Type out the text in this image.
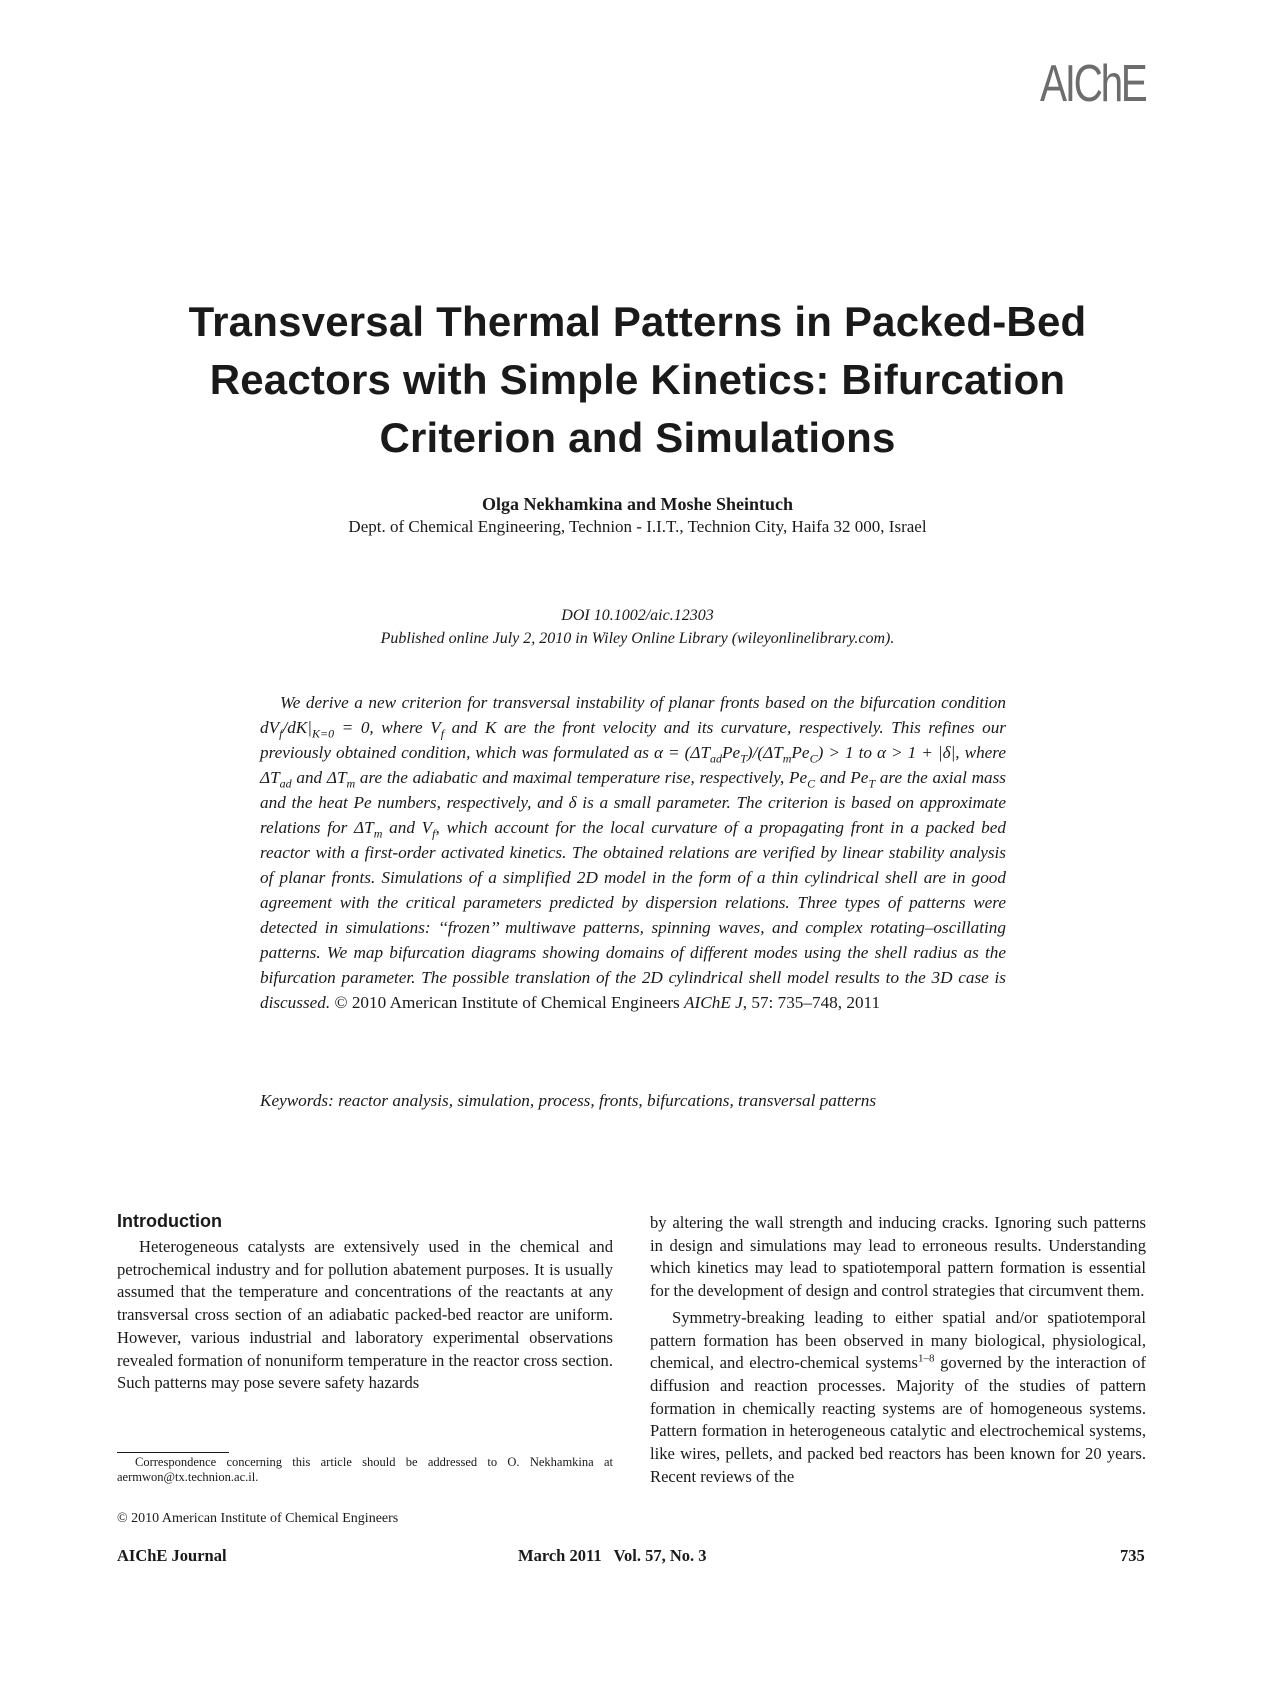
AIChE
Transversal Thermal Patterns in Packed-Bed
Reactors with Simple Kinetics: Bifurcation
Criterion and Simulations
Olga Nekhamkina and Moshe Sheintuch
Dept. of Chemical Engineering, Technion - I.I.T., Technion City, Haifa 32 000, Israel
DOI 10.1002/aic.12303
Published online July 2, 2010 in Wiley Online Library (wileyonlinelibrary.com).

We derive a new criterion for transversal instability of planar fronts based on the bifurcation condition $dV_f/dK|_{K=0} = 0$, where $V_f$ and K are the front velocity and its curvature, respectively. This refines our previously obtained condition, which was formulated as $\alpha = (\Delta T_{ad}Pe_T)/(\Delta T_mPe_C) > 1$ to α > 1 + |δ|, where $\Delta T_{ad}$ and $\Delta T_m$ are the adiabatic and maximal temperature rise, respectively, $Pe_C$ and $Pe_T$ are the axial mass and the heat Pe numbers, respectively, and δ is a small parameter. The criterion is based on approximate relations for $\Delta T_m$ and $V_f$, which account for the local curvature of a propagating front in a packed bed reactor with a first-order activated kinetics. The obtained relations are verified by linear stability analysis of planar fronts. Simulations of a simplified 2D model in the form of a thin cylindrical shell are in good agreement with the critical parameters predicted by dispersion relations. Three types of patterns were detected in simulations: ‘‘frozen’’ multiwave patterns, spinning waves, and complex rotating–oscillating patterns. We map bifurcation diagrams showing domains of different modes using the shell radius as the bifurcation parameter. The possible translation of the 2D cylindrical shell model results to the 3D case is discussed. © 2010 American Institute of Chemical Engineers AIChE J, 57: 735–748, 2011

Keywords: reactor analysis, simulation, process, fronts, bifurcations, transversal patterns

Introduction

Heterogeneous catalysts are extensively used in the chemical and petrochemical industry and for pollution abatement purposes. It is usually assumed that the temperature and concentrations of the reactants at any transversal cross section of an adiabatic packed-bed reactor are uniform. However, various industrial and laboratory experimental observations revealed formation of nonuniform temperature in the reactor cross section. Such patterns may pose severe safety hazards

by altering the wall strength and inducing cracks. Ignoring such patterns in design and simulations may lead to erroneous results. Understanding which kinetics may lead to spatiotemporal pattern formation is essential for the development of design and control strategies that circumvent them.

Symmetry-breaking leading to either spatial and/or spatiotemporal pattern formation has been observed in many biological, physiological, chemical, and electro-chemical systems$^{1-8}$ governed by the interaction of diffusion and reaction processes. Majority of the studies of pattern formation in chemically reacting systems are of homogeneous systems. Pattern formation in heterogeneous catalytic and electrochemical systems, like wires, pellets, and packed bed reactors has been known for 20 years. Recent reviews of the

Correspondence concerning this article should be addressed to O. Nekhamkina at aermwon@tx.technion.ac.il.

© 2010 American Institute of Chemical Engineers

AIChE Journal	March 2011   Vol. 57, No. 3	735
